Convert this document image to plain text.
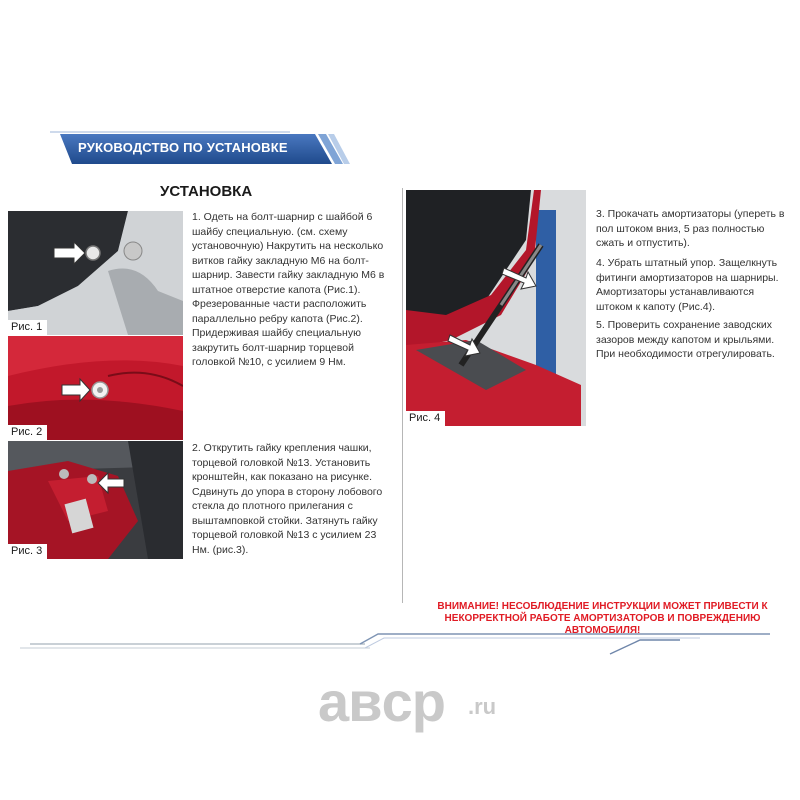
РУКОВОДСТВО ПО УСТАНОВКЕ
УСТАНОВКА
Рис. 1
Рис. 2
Рис. 3
Рис. 4
1. Одеть на болт-шарнир с шайбой 6 шайбу специальную. (см. схему установочную) Накрутить на несколько витков гайку закладную М6 на болт-шарнир. Завести гайку закладную М6 в штатное отверстие капота (Рис.1). Фрезерованные части расположить параллельно ребру капота (Рис.2). Придерживая шайбу специальную закрутить болт-шарнир торцевой головкой №10, с усилием 9 Нм.
2. Открутить гайку крепления чашки, торцевой головкой №13. Установить кронштейн, как показано на рисунке. Сдвинуть до упора в сторону лобового стекла до плотного прилегания с выштамповкой стойки. Затянуть гайку торцевой головкой №13 с усилием 23 Нм. (рис.3).
3. Прокачать амортизаторы (упереть в пол штоком вниз, 5 раз полностью сжать и отпустить).
4. Убрать штатный упор. Защелкнуть фитинги амортизаторов на шарниры. Амортизаторы устанавливаются штоком к капоту (Рис.4).
5. Проверить сохранение заводских зазоров между капотом и крыльями. При необходимости отрегулировать.
ВНИМАНИЕ! НЕСОБЛЮДЕНИЕ ИНСТРУКЦИИ МОЖЕТ ПРИВЕСТИ К НЕКОРРЕКТНОЙ РАБОТЕ АМОРТИЗАТОРОВ И ПОВРЕЖДЕНИЮ АВТОМОБИЛЯ!
aвcp .ru
